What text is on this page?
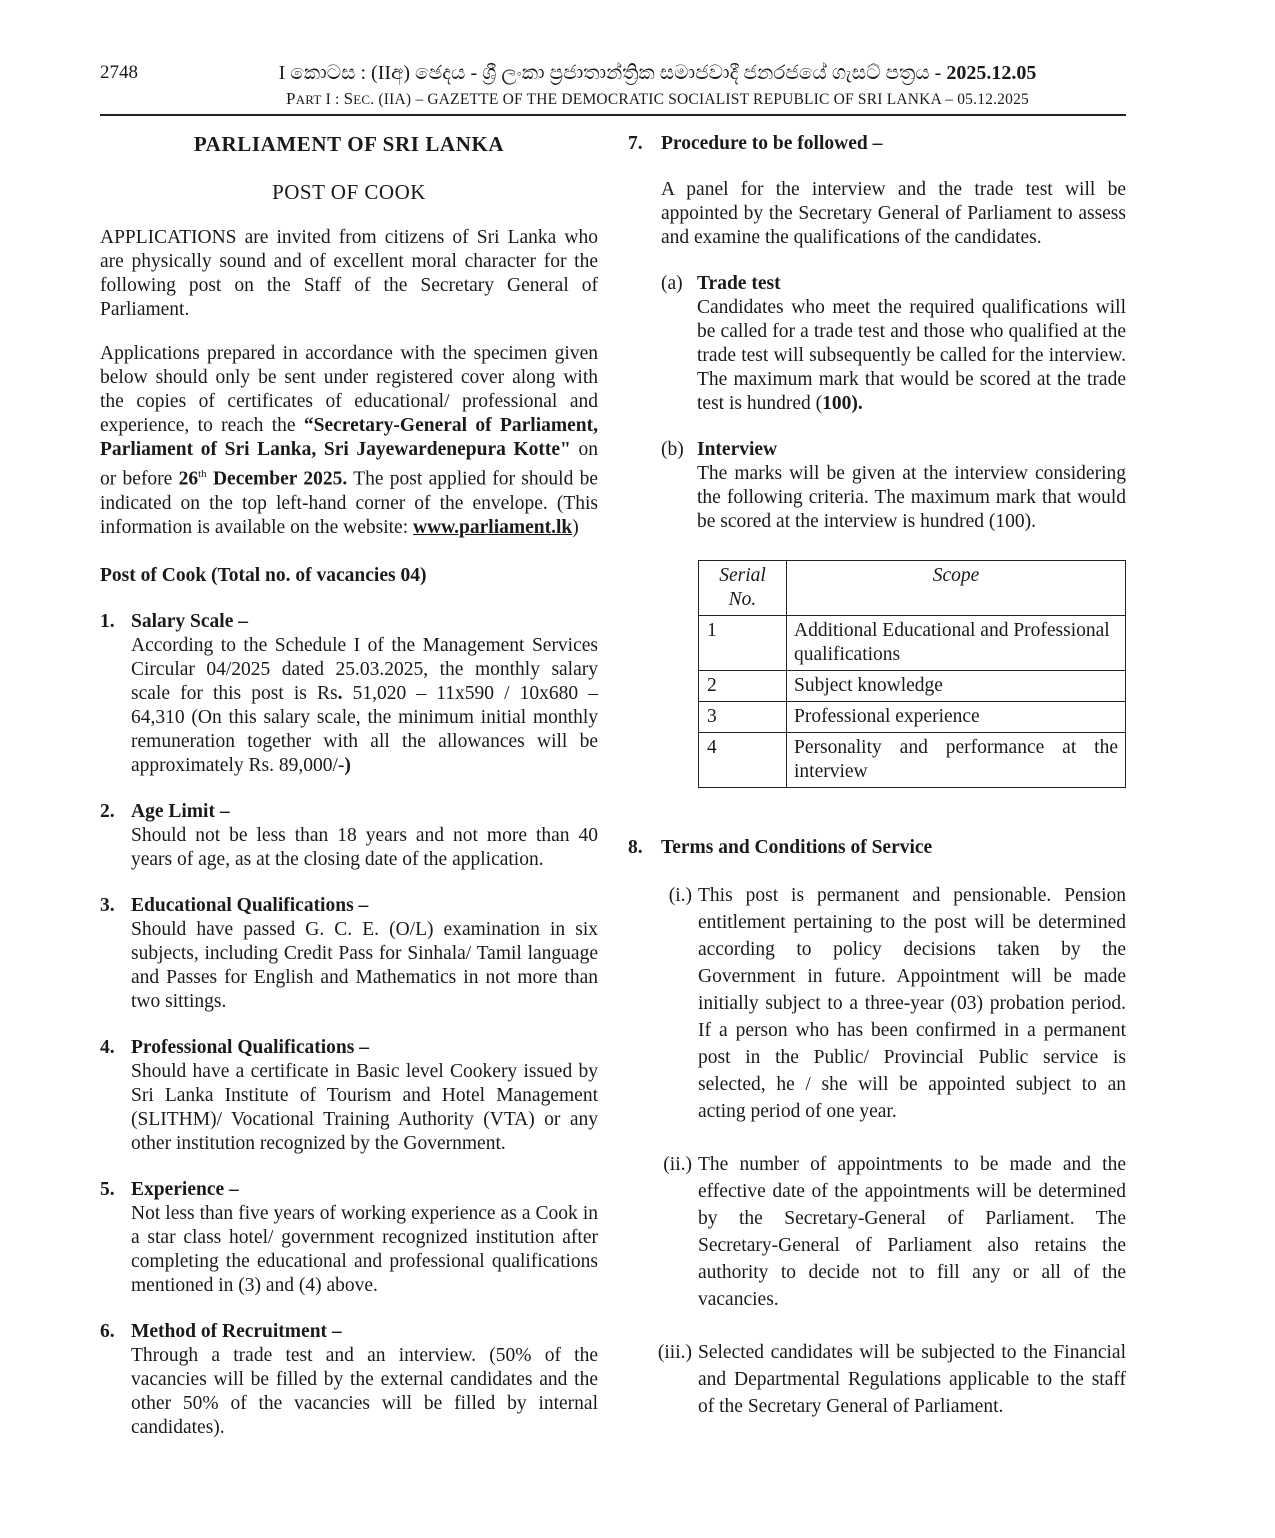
2748	I කොටස : (IIඅ) ඡෙදය - ශ්‍රී ලංකා ප්‍රජාතාන්ත්‍රික සමාජවාදී ජනරජයේ ගැසට් පත්‍රය - 2025.12.05
PART I : SEC. (IIA) – GAZETTE OF THE DEMOCRATIC SOCIALIST REPUBLIC OF SRI LANKA – 05.12.2025

PARLIAMENT OF SRI LANKA

POST OF COOK

APPLICATIONS are invited from citizens of Sri Lanka who are physically sound and of excellent moral character for the following post on the Staff of the Secretary General of Parliament.

Applications prepared in accordance with the specimen given below should only be sent under registered cover along with the copies of certificates of educational/ professional and experience, to reach the “Secretary-General of Parliament, Parliament of Sri Lanka, Sri Jayewardenepura Kotte" on or before 26th December 2025. The post applied for should be indicated on the top left-hand corner of the envelope. (This information is available on the website: www.parliament.lk)

Post of Cook (Total no. of vacancies 04)

1. Salary Scale –
According to the Schedule I of the Management Services Circular 04/2025 dated 25.03.2025, the monthly salary scale for this post is Rs. 51,020 – 11x590 / 10x680 – 64,310 (On this salary scale, the minimum initial monthly remuneration together with all the allowances will be approximately Rs. 89,000/-)
2. Age Limit –
Should not be less than 18 years and not more than 40 years of age, as at the closing date of the application.
3. Educational Qualifications –
Should have passed G. C. E. (O/L) examination in six subjects, including Credit Pass for Sinhala/ Tamil language and Passes for English and Mathematics in not more than two sittings.
4. Professional Qualifications –
Should have a certificate in Basic level Cookery issued by Sri Lanka Institute of Tourism and Hotel Management (SLITHM)/ Vocational Training Authority (VTA) or any other institution recognized by the Government.
5. Experience –
Not less than five years of working experience as a Cook in a star class hotel/ government recognized institution after completing the educational and professional qualifications mentioned in (3) and (4) above.
6. Method of Recruitment –
Through a trade test and an interview. (50% of the vacancies will be filled by the external candidates and the other 50% of the vacancies will be filled by internal candidates).
7. Procedure to be followed –

A panel for the interview and the trade test will be appointed by the Secretary General of Parliament to assess and examine the qualifications of the candidates.

(a) Trade test
Candidates who meet the required qualifications will be called for a trade test and those who qualified at the trade test will subsequently be called for the interview. The maximum mark that would be scored at the trade test is hundred (100).
(b) Interview
The marks will be given at the interview considering the following criteria. The maximum mark that would be scored at the interview is hundred (100).
Serial No.	Scope
1	Additional Educational and Professional qualifications
2	Subject knowledge
3	Professional experience
4	Personality and performance at the interview
8. Terms and Conditions of Service
(i.) This post is permanent and pensionable. Pension entitlement pertaining to the post will be determined according to policy decisions taken by the Government in future. Appointment will be made initially subject to a three-year (03) probation period. If a person who has been confirmed in a permanent post in the Public/ Provincial Public service is selected, he / she will be appointed subject to an acting period of one year.
(ii.) The number of appointments to be made and the effective date of the appointments will be determined by the Secretary-General of Parliament. The Secretary-General of Parliament also retains the authority to decide not to fill any or all of the vacancies.
(iii.) Selected candidates will be subjected to the Financial and Departmental Regulations applicable to the staff of the Secretary General of Parliament.
